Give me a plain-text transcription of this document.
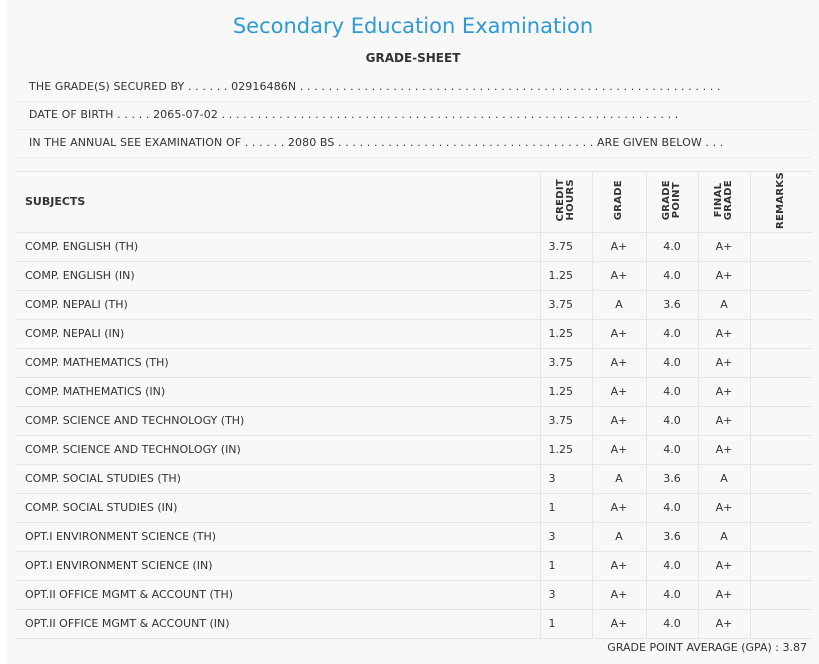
Secondary Education Examination
GRADE-SHEET
THE GRADE(S) SECURED BY . . . . . . 02916486N . . . . . . . . . . . . . . . . . . . . . . . . . . . . . . . . . . . . . . . . . . . . . . . . . . . . . . . . . . .
DATE OF BIRTH . . . . . 2065-07-02 . . . . . . . . . . . . . . . . . . . . . . . . . . . . . . . . . . . . . . . . . . . . . . . . . . . . . . . . . . . . . . . .
IN THE ANNUAL SEE EXAMINATION OF . . . . . . 2080 BS . . . . . . . . . . . . . . . . . . . . . . . . . . . . . . . . . . . . ARE GIVEN BELOW . . .
SUBJECTS	CREDIT HOURS	GRADE	GRADE POINT	FINAL GRADE	REMARKS

COMP. ENGLISH (TH)	3.75	A+	4.0	A+	
COMP. ENGLISH (IN)	1.25	A+	4.0	A+	
COMP. NEPALI (TH)	3.75	A	3.6	A	
COMP. NEPALI (IN)	1.25	A+	4.0	A+	
COMP. MATHEMATICS (TH)	3.75	A+	4.0	A+	
COMP. MATHEMATICS (IN)	1.25	A+	4.0	A+	
COMP. SCIENCE AND TECHNOLOGY (TH)	3.75	A+	4.0	A+	
COMP. SCIENCE AND TECHNOLOGY (IN)	1.25	A+	4.0	A+	
COMP. SOCIAL STUDIES (TH)	3	A	3.6	A	
COMP. SOCIAL STUDIES (IN)	1	A+	4.0	A+	
OPT.I ENVIRONMENT SCIENCE (TH)	3	A	3.6	A	
OPT.I ENVIRONMENT SCIENCE (IN)	1	A+	4.0	A+	
OPT.II OFFICE MGMT & ACCOUNT (TH)	3	A+	4.0	A+	
OPT.II OFFICE MGMT & ACCOUNT (IN)	1	A+	4.0	A+	
GRADE POINT AVERAGE (GPA) : 3.87
